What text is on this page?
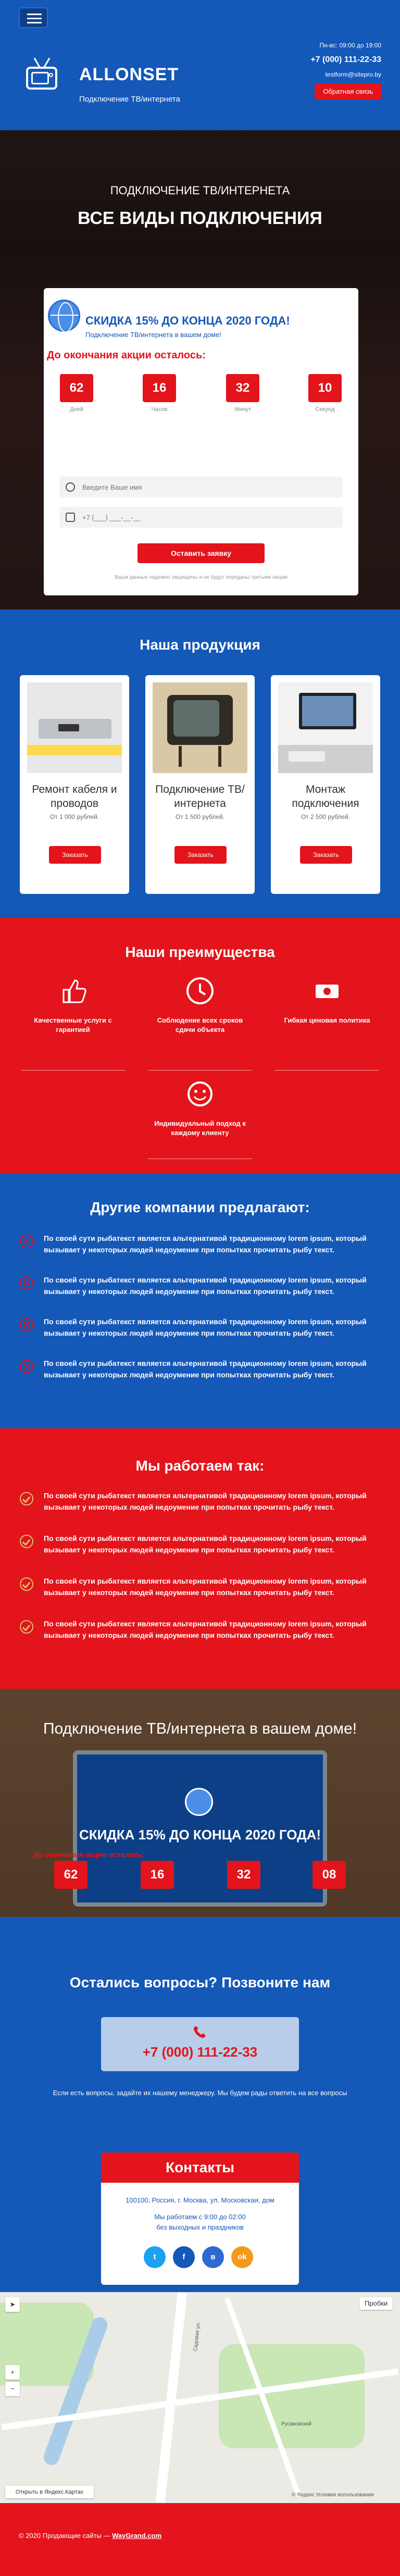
ALLONSET
Подключение ТВ/интернета
Пн-вс: 09:00 до 19:00
+7 (000) 111-22-33
testform@siteprо.by
Обратная связь
ПОДКЛЮЧЕНИЕ ТВ/ИНТЕРНЕТА
ВСЕ ВИДЫ ПОДКЛЮЧЕНИЯ
СКИДКА 15% ДО КОНЦА 2020 ГОДА!
Подключение ТВ/интернета в вашем доме!
До окончания акции осталось:
62
Дней
16
Часов
32
Минут
10
Секунд
Введите Ваше имя
+7 (___) ___-__-__
Оставить заявку
Ваши данные надежно защищены и не будут переданы третьим лицам
Наша продукция
Ремонт кабеля и проводов
От 1 000 рублей.
Заказать
Подключение ТВ/интернета
От 1 500 рублей.
Заказать
Монтаж подключения
От 2 500 рублей.
Заказать
Наши преимущества
Качественные услуги с гарантией
Соблюдение всех сроков сдачи объекта
Гибкая ценовая политика
Индивидуальный подход к каждому клиенту
Другие компании предлагают:
По своей сути рыбатекст является альтернативой традиционному lorem ipsum, который вызывает у некоторых людей недоумение при попытках прочитать рыбу текст.
По своей сути рыбатекст является альтернативой традиционному lorem ipsum, который вызывает у некоторых людей недоумение при попытках прочитать рыбу текст.
По своей сути рыбатекст является альтернативой традиционному lorem ipsum, который вызывает у некоторых людей недоумение при попытках прочитать рыбу текст.
По своей сути рыбатекст является альтернативой традиционному lorem ipsum, который вызывает у некоторых людей недоумение при попытках прочитать рыбу текст.
Мы работаем так:
По своей сути рыбатекст является альтернативой традиционному lorem ipsum, который вызывает у некоторых людей недоумение при попытках прочитать рыбу текст.
По своей сути рыбатекст является альтернативой традиционному lorem ipsum, который вызывает у некоторых людей недоумение при попытках прочитать рыбу текст.
По своей сути рыбатекст является альтернативой традиционному lorem ipsum, который вызывает у некоторых людей недоумение при попытках прочитать рыбу текст.
По своей сути рыбатекст является альтернативой традиционному lorem ipsum, который вызывает у некоторых людей недоумение при попытках прочитать рыбу текст.
Подключение ТВ/интернета в вашем доме!
СКИДКА 15% ДО КОНЦА 2020 ГОДА!
До окончания акции осталось:
62	16	32	08
Остались вопросы? Позвоните нам
+7 (000) 111-22-33
Если есть вопросы, задайте их нашему менеджеру. Мы будем рады ответить на все вопросы
Контакты
100100, Россия, г. Москва, ул. Московская, дом
Мы работаем с 9:00 до 02:00
без выходных и праздников
t	f	в	ok
Садовая ул.
Русаковский
Пробки
➤
+
−
Открыть в Яндекс.Картах	© Яндекс Условия использования
© 2020 Продающие сайты — WayGrand.com
